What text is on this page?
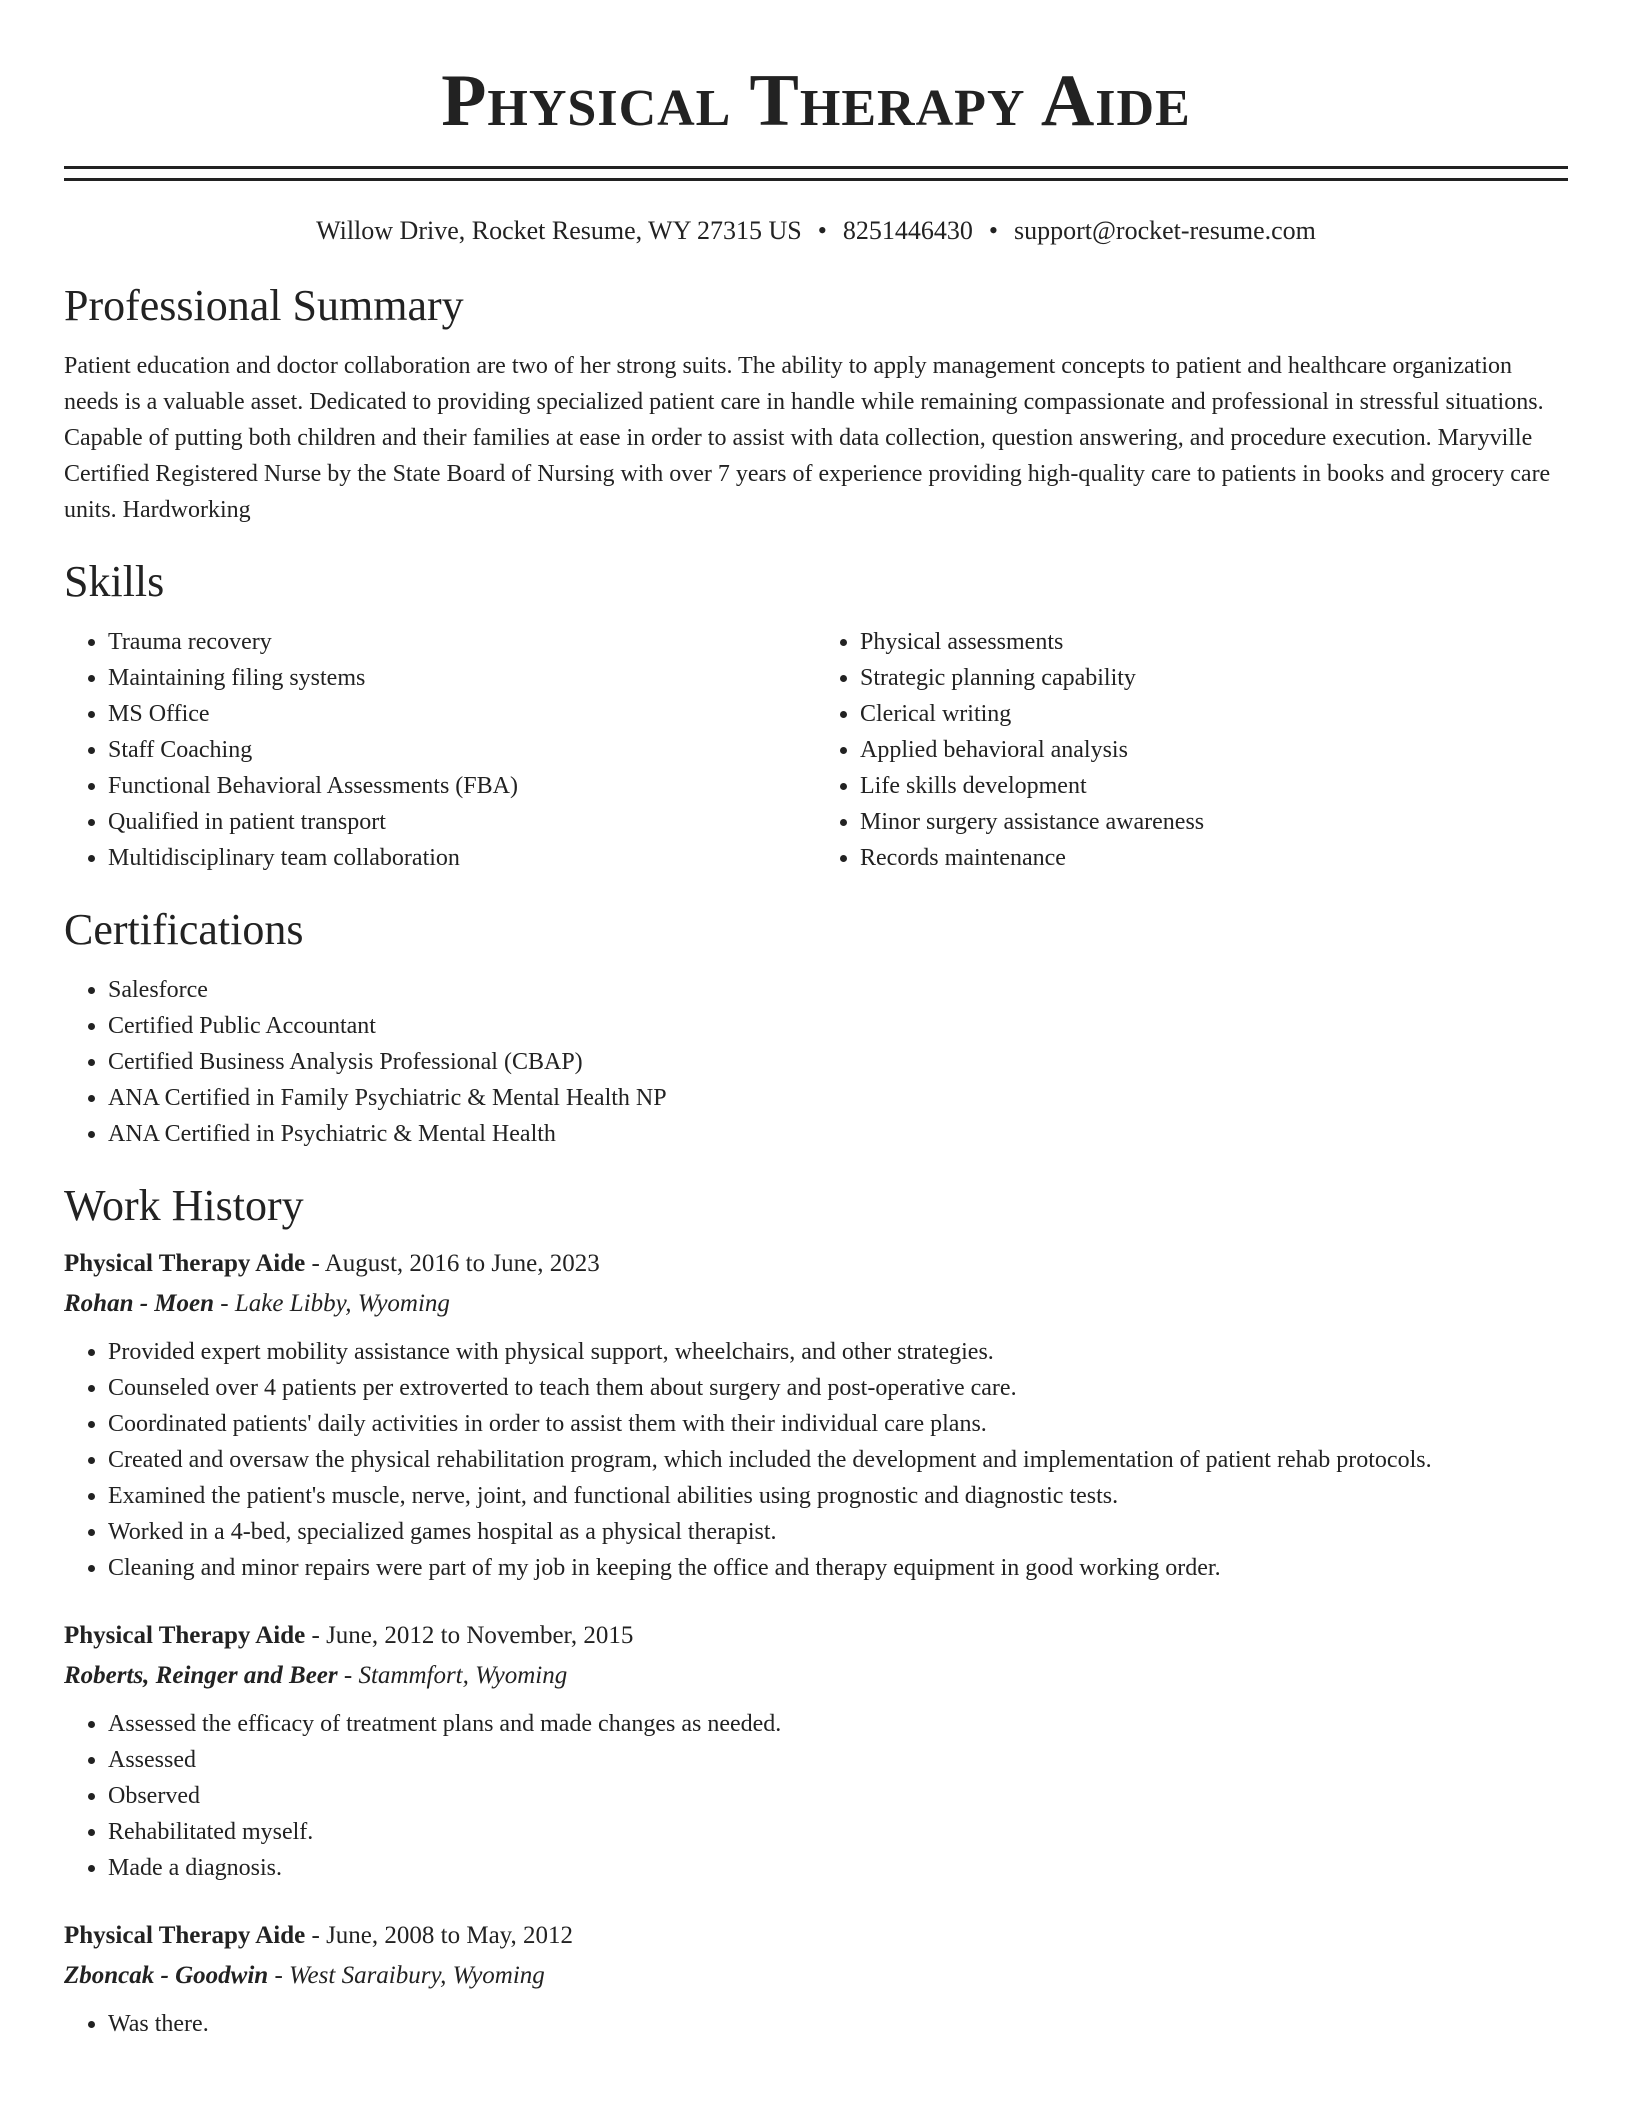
Physical Therapy Aide
Willow Drive, Rocket Resume, WY 27315 US • 8251446430 • support@rocket-resume.com
Professional Summary

Patient education and doctor collaboration are two of her strong suits. The ability to apply management concepts to patient and healthcare organization needs is a valuable asset. Dedicated to providing specialized patient care in handle while remaining compassionate and professional in stressful situations. Capable of putting both children and their families at ease in order to assist with data collection, question answering, and procedure execution. Maryville Certified Registered Nurse by the State Board of Nursing with over 7 years of experience providing high-quality care to patients in books and grocery care units. Hardworking

Skills
• Trauma recovery
• Maintaining filing systems
• MS Office
• Staff Coaching
• Functional Behavioral Assessments (FBA)
• Qualified in patient transport
• Multidisciplinary team collaboration
• Physical assessments
• Strategic planning capability
• Clerical writing
• Applied behavioral analysis
• Life skills development
• Minor surgery assistance awareness
• Records maintenance
Certifications
• Salesforce
• Certified Public Accountant
• Certified Business Analysis Professional (CBAP)
• ANA Certified in Family Psychiatric & Mental Health NP
• ANA Certified in Psychiatric & Mental Health
Work History
Physical Therapy Aide - August, 2016 to June, 2023
Rohan - Moen - Lake Libby, Wyoming
• Provided expert mobility assistance with physical support, wheelchairs, and other strategies.
• Counseled over 4 patients per extroverted to teach them about surgery and post-operative care.
• Coordinated patients' daily activities in order to assist them with their individual care plans.
• Created and oversaw the physical rehabilitation program, which included the development and implementation of patient rehab protocols.
• Examined the patient's muscle, nerve, joint, and functional abilities using prognostic and diagnostic tests.
• Worked in a 4-bed, specialized games hospital as a physical therapist.
• Cleaning and minor repairs were part of my job in keeping the office and therapy equipment in good working order.
Physical Therapy Aide - June, 2012 to November, 2015
Roberts, Reinger and Beer - Stammfort, Wyoming
• Assessed the efficacy of treatment plans and made changes as needed.
• Assessed
• Observed
• Rehabilitated myself.
• Made a diagnosis.
Physical Therapy Aide - June, 2008 to May, 2012
Zboncak - Goodwin - West Saraibury, Wyoming
• Was there.
